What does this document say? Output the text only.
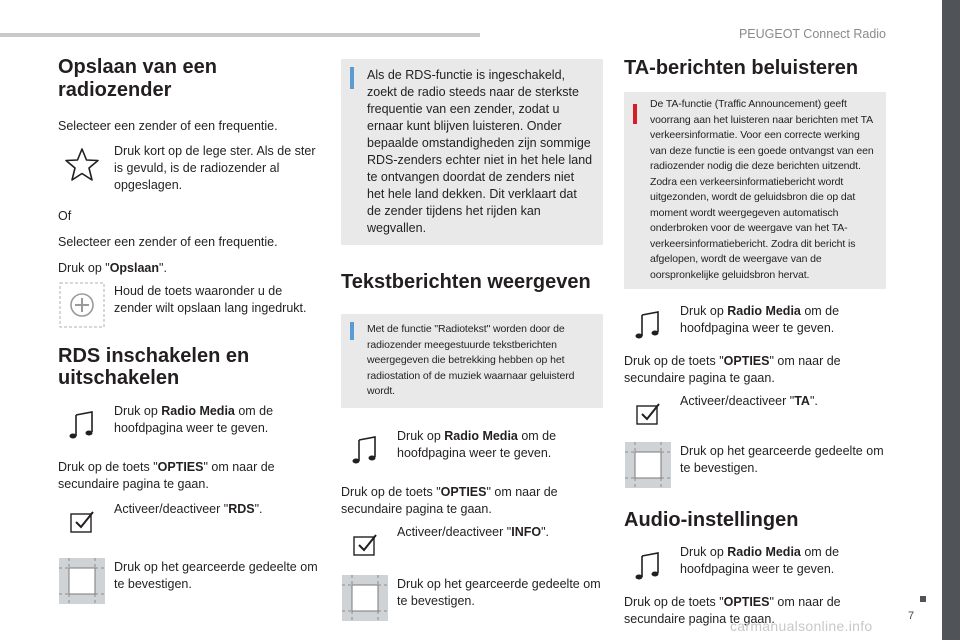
PEUGEOT Connect Radio
Opslaan van een radiozender

Selecteer een zender of een frequentie.

Druk kort op de lege ster. Als de ster is gevuld, is de radiozender al opgeslagen.

Of

Selecteer een zender of een frequentie.

Druk op "Opslaan".

Houd de toets waaronder u de zender wilt opslaan lang ingedrukt.
RDS inschakelen en uitschakelen
Druk op Radio Media om de hoofdpagina weer te geven.

Druk op de toets "OPTIES" om naar de secundaire pagina te gaan.

Activeer/deactiveer "RDS".
Druk op het gearceerde gedeelte om te bevestigen.
Als de RDS-functie is ingeschakeld, zoekt de radio steeds naar de sterkste frequentie van een zender, zodat u ernaar kunt blijven luisteren. Onder bepaalde omstandigheden zijn sommige RDS-zenders echter niet in het hele land te ontvangen doordat de zenders niet het hele land dekken. Dit verklaart dat de zender tijdens het rijden kan wegvallen.
Tekstberichten weergeven
Met de functie "Radiotekst" worden door de radiozender meegestuurde tekstberichten weergegeven die betrekking hebben op het radiostation of de muziek waarnaar geluisterd wordt.
Druk op Radio Media om de hoofdpagina weer te geven.

Druk op de toets "OPTIES" om naar de secundaire pagina te gaan.

Activeer/deactiveer "INFO".
Druk op het gearceerde gedeelte om te bevestigen.
TA-berichten beluisteren
De TA-functie (Traffic Announcement) geeft voorrang aan het luisteren naar berichten met TA verkeersinformatie. Voor een correcte werking van deze functie is een goede ontvangst van een radiozender nodig die deze berichten uitzendt. Zodra een verkeersinformatiebericht wordt uitgezonden, wordt de geluidsbron die op dat moment wordt weergegeven automatisch onderbroken voor de weergave van het TA-verkeersinformatiebericht. Zodra dit bericht is afgelopen, wordt de weergave van de oorspronkelijke geluidsbron hervat.
Druk op Radio Media om de hoofdpagina weer te geven.

Druk op de toets "OPTIES" om naar de secundaire pagina te gaan.

Activeer/deactiveer "TA".
Druk op het gearceerde gedeelte om te bevestigen.
Audio-instellingen
Druk op Radio Media om de hoofdpagina weer te geven.

Druk op de toets "OPTIES" om naar de secundaire pagina te gaan.	7
carmanualsonline.info
